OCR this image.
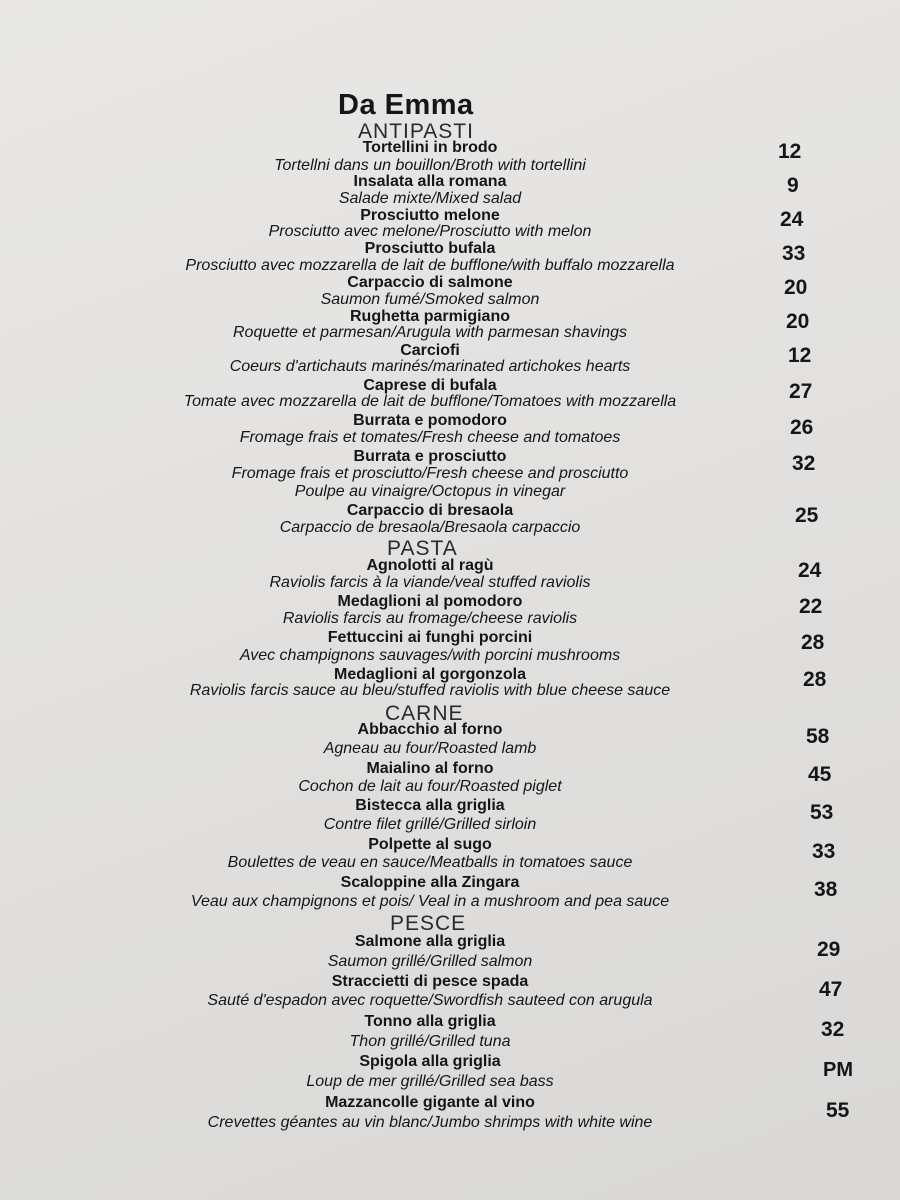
Da Emma
ANTIPASTI
Tortellini in brodo
Tortellni dans un bouillon/Broth with tortellini
12
Insalata alla romana
Salade mixte/Mixed salad
9
Prosciutto melone
Prosciutto avec melone/Prosciutto with melon
24
Prosciutto bufala
Prosciutto avec mozzarella de lait de bufflone/with buffalo mozzarella
33
Carpaccio di salmone
Saumon fumé/Smoked salmon
20
Rughetta parmigiano
Roquette et parmesan/Arugula with parmesan shavings	20
Carciofi
Coeurs d'artichauts marinés/marinated artichokes hearts	12
Caprese di bufala
Tomate avec mozzarella de lait de bufflone/Tomatoes with mozzarella	27
Burrata e pomodoro
Fromage frais et tomates/Fresh cheese and tomatoes	26
Burrata e prosciutto
Fromage frais et prosciutto/Fresh cheese and prosciutto	32
Poulpe au vinaigre/Octopus in vinegar
Carpaccio di bresaola
Carpaccio de bresaola/Bresaola carpaccio
25
PASTA
Agnolotti al ragù
Raviolis farcis à la viande/veal stuffed raviolis
24
Medaglioni al pomodoro
Raviolis farcis au fromage/cheese raviolis
22
Fettuccini ai funghi porcini
Avec champignons sauvages/with porcini mushrooms
28
Medaglioni al gorgonzola
Raviolis farcis sauce au bleu/stuffed raviolis with blue cheese sauce	28
CARNE
Abbacchio al forno
Agneau au four/Roasted lamb
58
Maialino al forno
Cochon de lait au four/Roasted piglet
45
Bistecca alla griglia
Contre filet grillé/Grilled sirloin
53
Polpette al sugo
Boulettes de veau en sauce/Meatballs in tomatoes sauce	33
Scaloppine alla Zingara
Veau aux champignons et pois/ Veal in a mushroom and pea sauce
38
PESCE
Salmone alla griglia
Saumon grillé/Grilled salmon
29
Straccietti di pesce spada
Sauté d'espadon avec roquette/Swordfish sauteed con arugula	47
Tonno alla griglia
Thon grillé/Grilled tuna
32
Spigola alla griglia
Loup de mer grillé/Grilled sea bass
PM
Mazzancolle gigante al vino
Crevettes géantes au vin blanc/Jumbo shrimps with white wine
55
